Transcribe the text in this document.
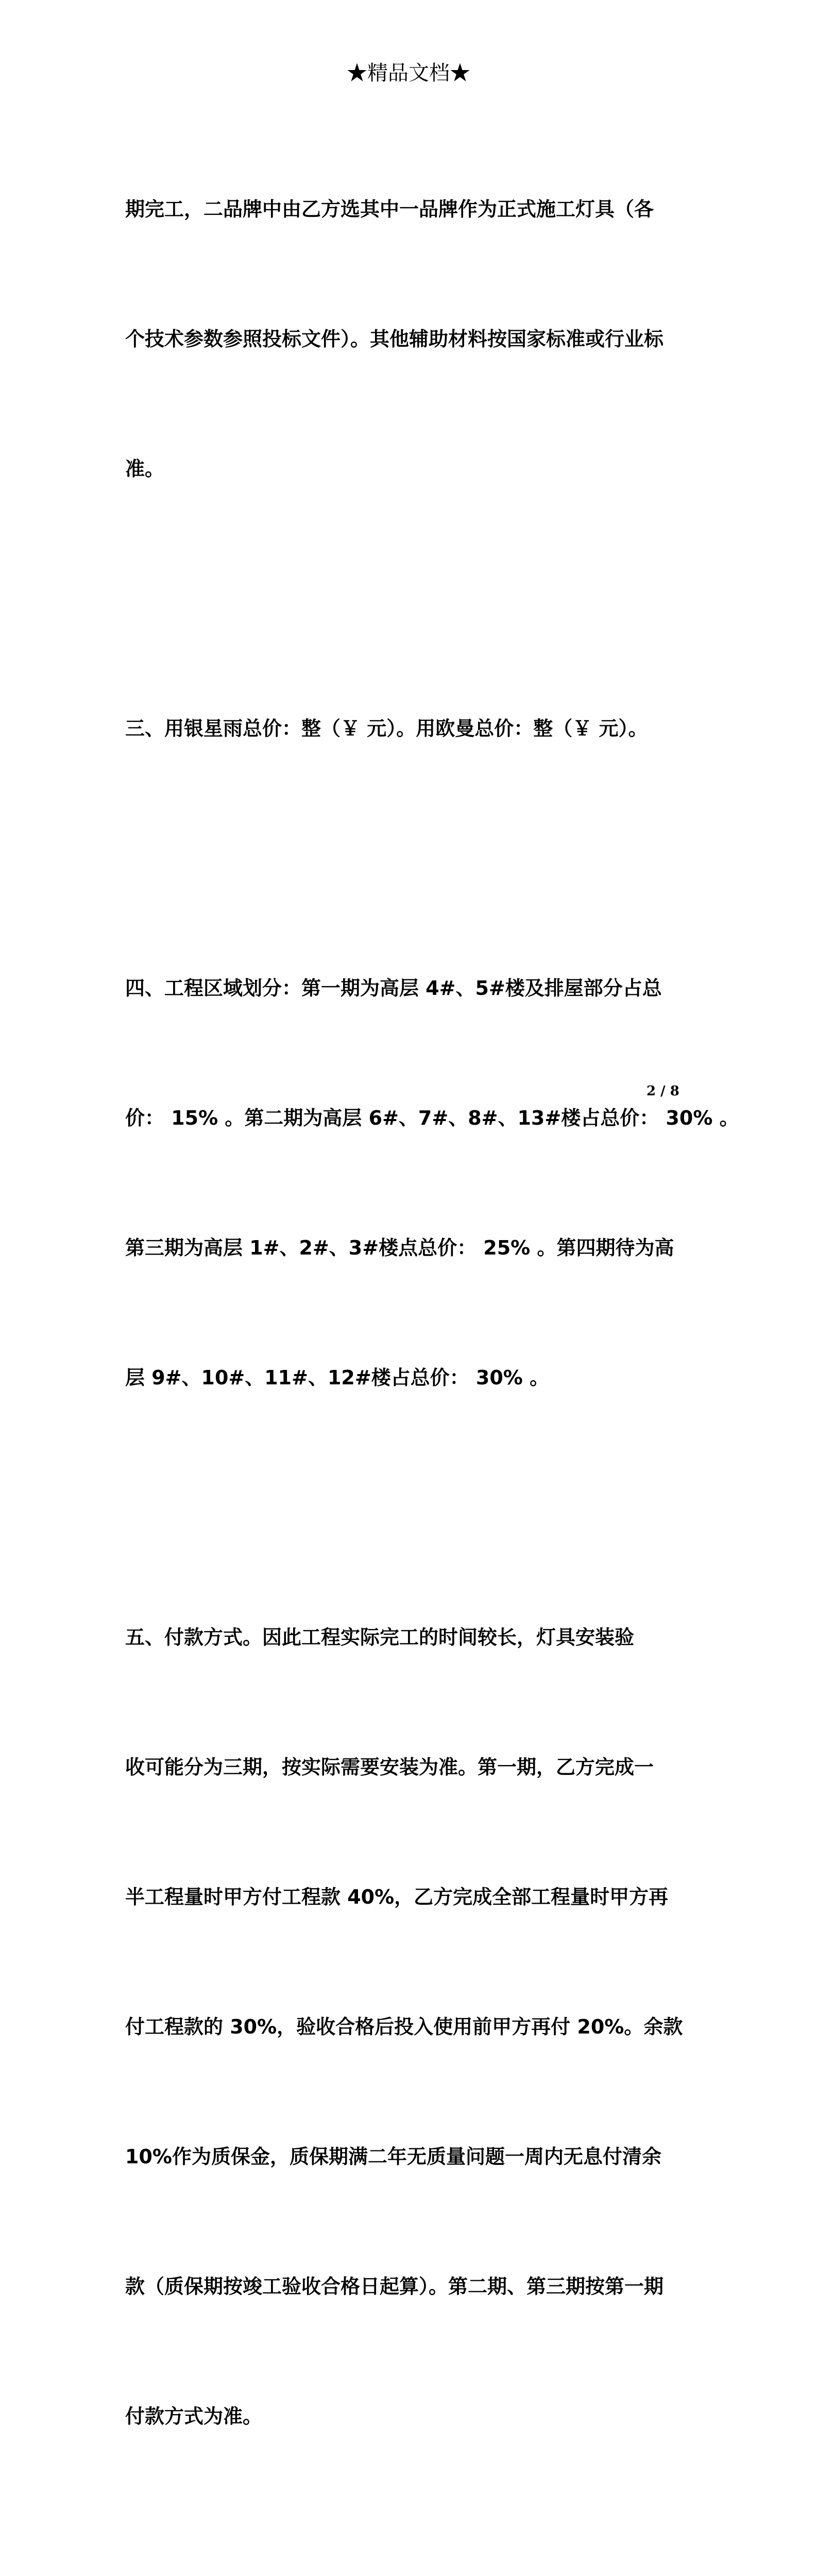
★精品文档★

期完工，二品牌中由乙方选其中一品牌作为正式施工灯具（各

个技术参数参照投标文件）。其他辅助材料按国家标准或行业标

准。

三、用银星雨总价：整（￥ 元）。用欧曼总价：整（￥ 元）。

四、工程区域划分：第一期为高层 4#、5#楼及排屋部分占总

价： 15% 。第二期为高层 6#、7#、8#、13#楼占总价： 30% 。

第三期为高层 1#、2#、3#楼点总价： 25% 。第四期待为高

层 9#、10#、11#、12#楼占总价： 30% 。

五、付款方式。因此工程实际完工的时间较长，灯具安装验

收可能分为三期，按实际需要安装为准。第一期，乙方完成一

半工程量时甲方付工程款 40%，乙方完成全部工程量时甲方再

付工程款的 30%，验收合格后投入使用前甲方再付 20%。余款

10%作为质保金，质保期满二年无质量问题一周内无息付清余

款（质保期按竣工验收合格日起算）。第二期、第三期按第一期

付款方式为准。

2 / 8
